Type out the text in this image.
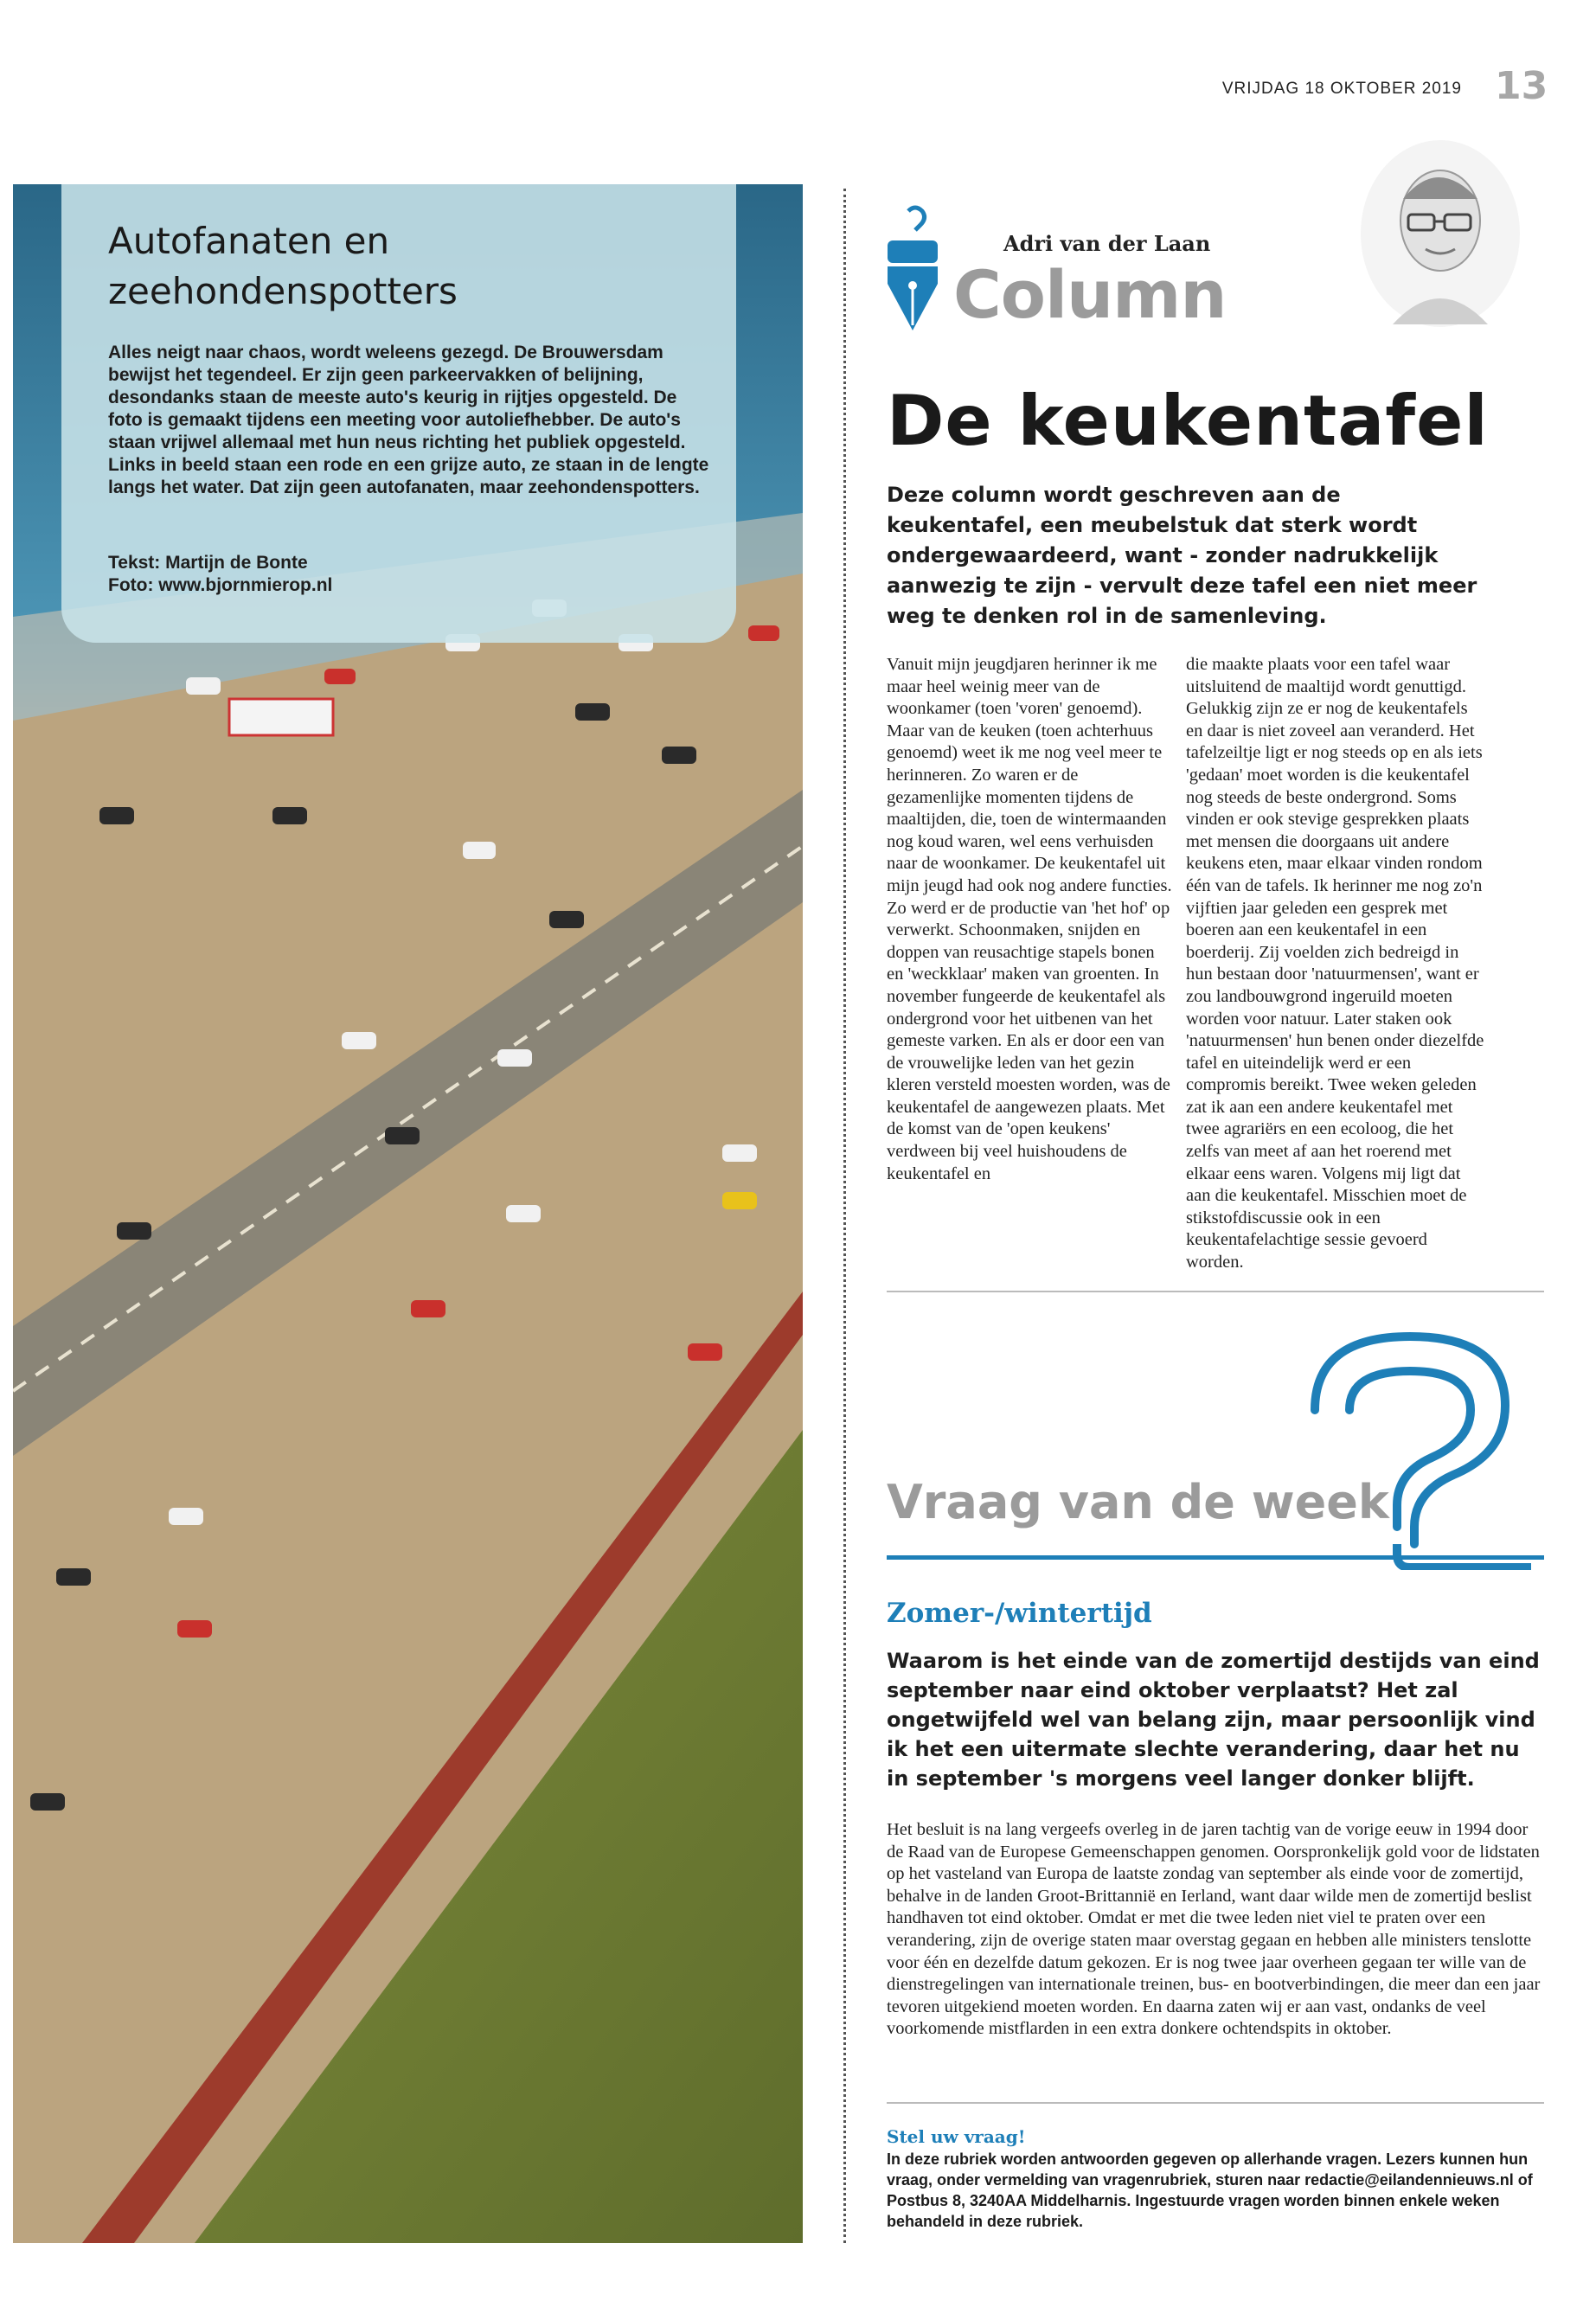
VRIJDAG 18 OKTOBER 2019 13
Autofanaten en zeehondenspotters
Alles neigt naar chaos, wordt weleens gezegd. De Brouwersdam bewijst het tegendeel. Er zijn geen parkeervakken of belijning, desondanks staan de meeste auto's keurig in rijtjes opgesteld. De foto is gemaakt tijdens een meeting voor autoliefhebber. De auto's staan vrijwel allemaal met hun neus richting het publiek opgesteld. Links in beeld staan een rode en een grijze auto, ze staan in de lengte langs het water. Dat zijn geen autofanaten, maar zeehondenspotters.
Tekst: Martijn de Bonte
Foto: www.bjornmierop.nl
Adri van der Laan
Column
De keukentafel
Deze column wordt geschreven aan de keukentafel, een meubelstuk dat sterk wordt ondergewaardeerd, want - zonder nadrukkelijk aanwezig te zijn - vervult deze tafel een niet meer weg te denken rol in de samenleving.
Vanuit mijn jeugdjaren herinner ik me maar heel weinig meer van de woonkamer (toen 'voren' genoemd). Maar van de keuken (toen achterhuus genoemd) weet ik me nog veel meer te herinneren. Zo waren er de gezamenlijke momenten tijdens de maaltijden, die, toen de wintermaanden nog koud waren, wel eens verhuisden naar de woonkamer. De keukentafel uit mijn jeugd had ook nog andere functies. Zo werd er de productie van 'het hof' op verwerkt. Schoonmaken, snijden en doppen van reusachtige stapels bonen en 'weckklaar' maken van groenten. In november fungeerde de keukentafel als ondergrond voor het uitbenen van het gemeste varken. En als er door een van de vrouwelijke leden van het gezin kleren versteld moesten worden, was de keukentafel de aangewezen plaats. Met de komst van de 'open keukens' verdween bij veel huishoudens de keukentafel en
die maakte plaats voor een tafel waar uitsluitend de maaltijd wordt genuttigd. Gelukkig zijn ze er nog de keukentafels en daar is niet zoveel aan veranderd. Het tafelzeiltje ligt er nog steeds op en als iets 'gedaan' moet worden is die keukentafel nog steeds de beste ondergrond. Soms vinden er ook stevige gesprekken plaats met mensen die doorgaans uit andere keukens eten, maar elkaar vinden rondom één van de tafels. Ik herinner me nog zo'n vijftien jaar geleden een gesprek met boeren aan een keukentafel in een boerderij. Zij voelden zich bedreigd in hun bestaan door 'natuurmensen', want er zou landbouwgrond ingeruild moeten worden voor natuur. Later staken ook 'natuurmensen' hun benen onder diezelfde tafel en uiteindelijk werd er een compromis bereikt. Twee weken geleden zat ik aan een andere keukentafel met twee agrariërs en een ecoloog, die het zelfs van meet af aan het roerend met elkaar eens waren. Volgens mij ligt dat aan die keukentafel. Misschien moet de stikstofdiscussie ook in een keukentafelachtige sessie gevoerd worden.
Vraag van de week
Zomer-/wintertijd
Waarom is het einde van de zomertijd destijds van eind september naar eind oktober verplaatst? Het zal ongetwijfeld wel van belang zijn, maar persoonlijk vind ik het een uitermate slechte verandering, daar het nu in september 's morgens veel langer donker blijft.
Het besluit is na lang vergeefs overleg in de jaren tachtig van de vorige eeuw in 1994 door de Raad van de Europese Gemeenschappen genomen. Oorspronkelijk gold voor de lidstaten op het vasteland van Europa de laatste zondag van september als einde voor de zomertijd, behalve in de landen Groot-Brittannië en Ierland, want daar wilde men de zomertijd beslist handhaven tot eind oktober. Omdat er met die twee leden niet viel te praten over een verandering, zijn de overige staten maar overstag gegaan en hebben alle ministers tenslotte voor één en dezelfde datum gekozen. Er is nog twee jaar overheen gegaan ter wille van de dienstregelingen van internationale treinen, bus- en bootverbindingen, die meer dan een jaar tevoren uitgekiend moeten worden. En daarna zaten wij er aan vast, ondanks de veel voorkomende mistflarden in een extra donkere ochtendspits in oktober.
Stel uw vraag!
In deze rubriek worden antwoorden gegeven op allerhande vragen. Lezers kunnen hun vraag, onder vermelding van vragenrubriek, sturen naar redactie@eilandennieuws.nl of Postbus 8, 3240AA Middelharnis. Ingestuurde vragen worden binnen enkele weken behandeld in deze rubriek.
